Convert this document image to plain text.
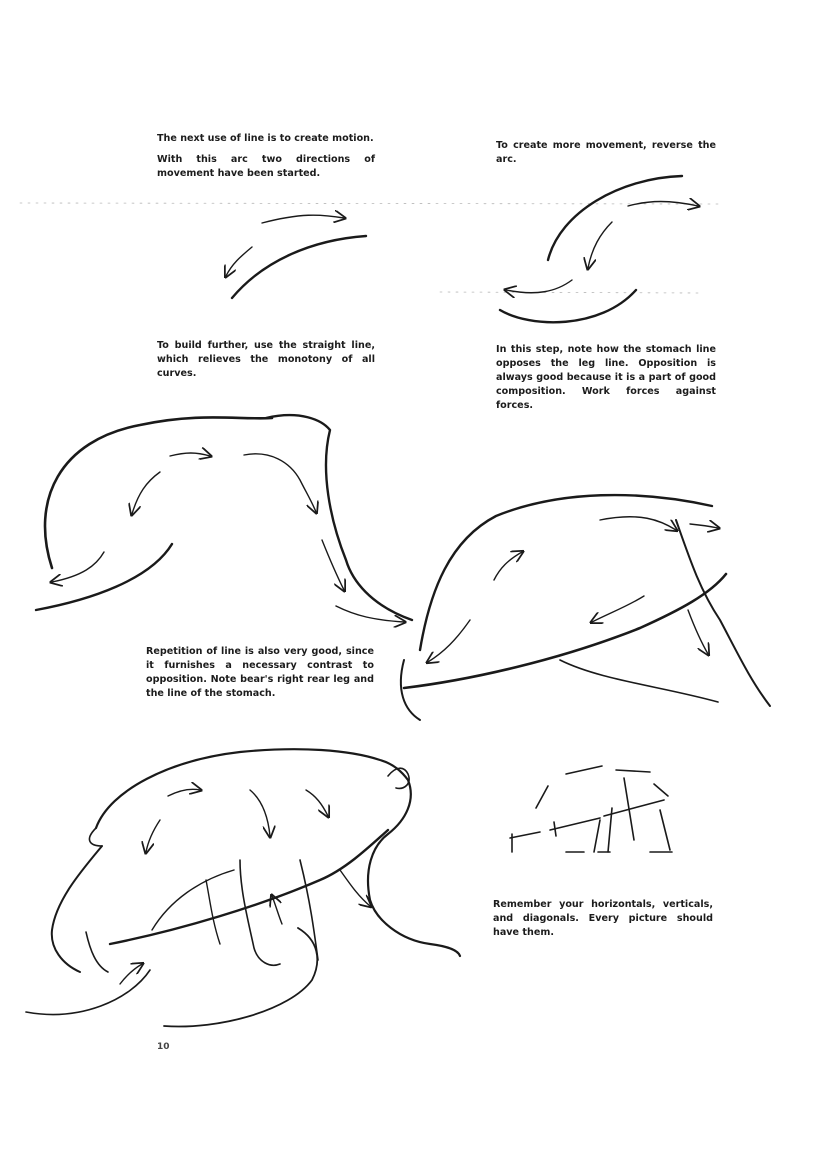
The next use of line is to create motion.

With this arc two directions of movement have been started.

To create more movement, reverse the arc.

To build further, use the straight line, which relieves the monotony of all curves.

In this step, note how the stomach line opposes the leg line. Opposition is always good because it is a part of good composition. Work forces against forces.

Repetition of line is also very good, since it furnishes a necessary contrast to opposition. Note bear's right rear leg and the line of the stomach.

Remember your horizontals, verticals, and diagonals. Every picture should have them.

10
